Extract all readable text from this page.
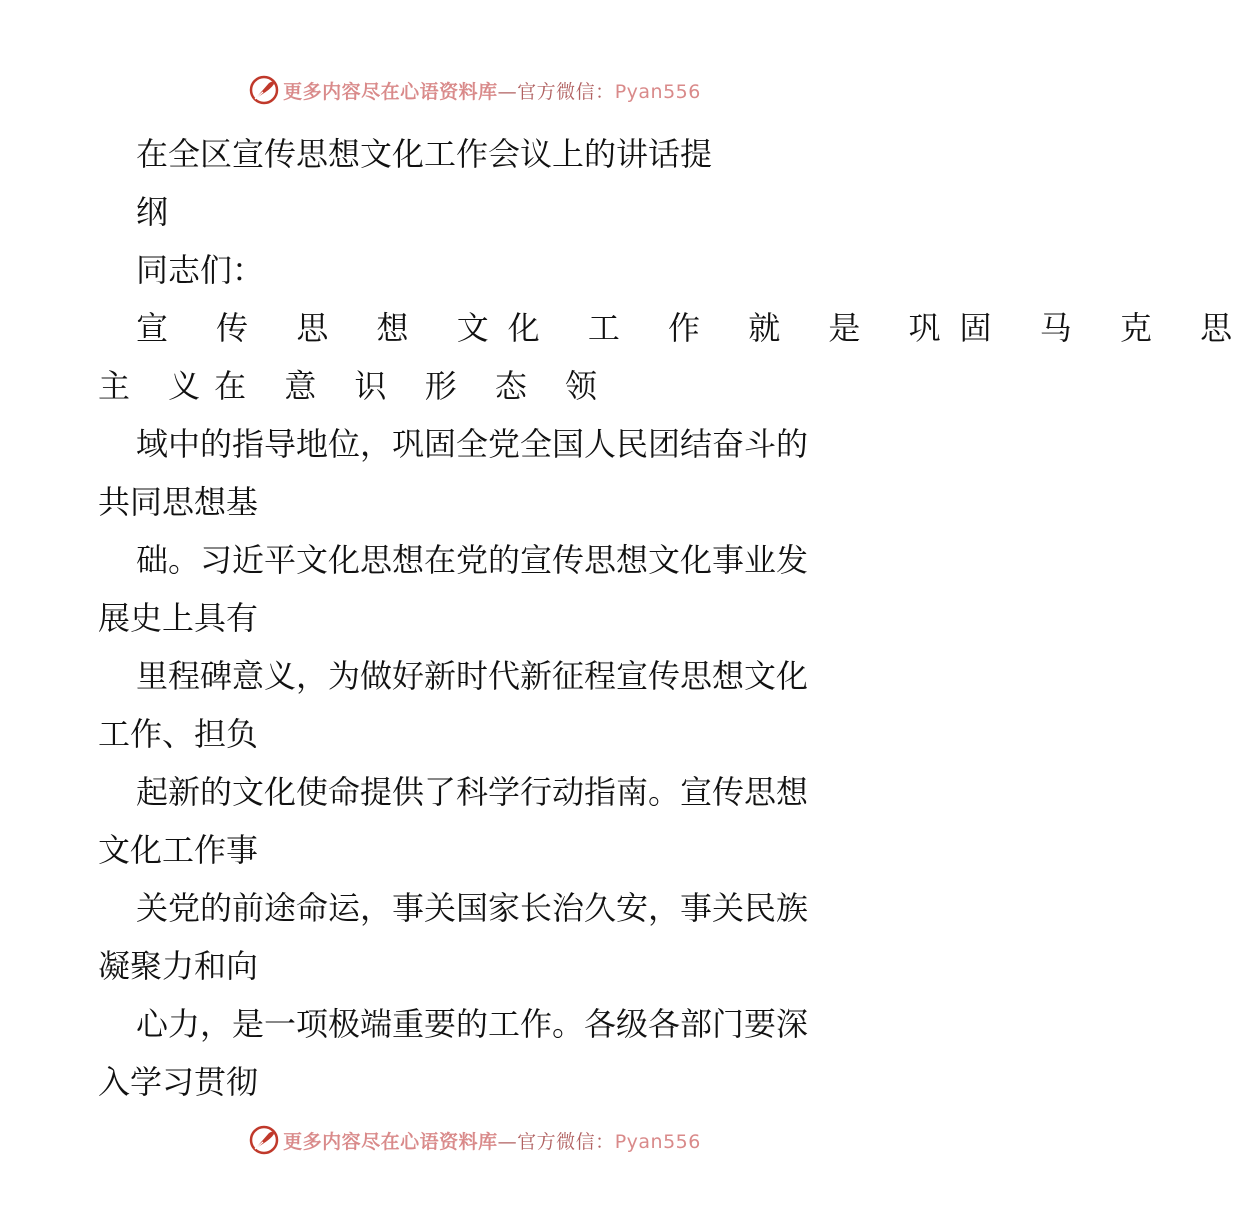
更多内容尽在心语资料库—官方微信：Pyan556
在全区宣传思想文化工作会议上的讲话提
纲
同志们：
宣 传 思 想 文化 工 作 就 是 巩固 马 克 思
主 义在 意 识 形 态 领
域中的指导地位，巩固全党全国人民团结奋斗的
共同思想基
础。习近平文化思想在党的宣传思想文化事业发
展史上具有
里程碑意义，为做好新时代新征程宣传思想文化
工作、担负
起新的文化使命提供了科学行动指南。宣传思想
文化工作事
关党的前途命运，事关国家长治久安，事关民族
凝聚力和向
心力，是一项极端重要的工作。各级各部门要深
入学习贯彻
更多内容尽在心语资料库—官方微信：Pyan556
